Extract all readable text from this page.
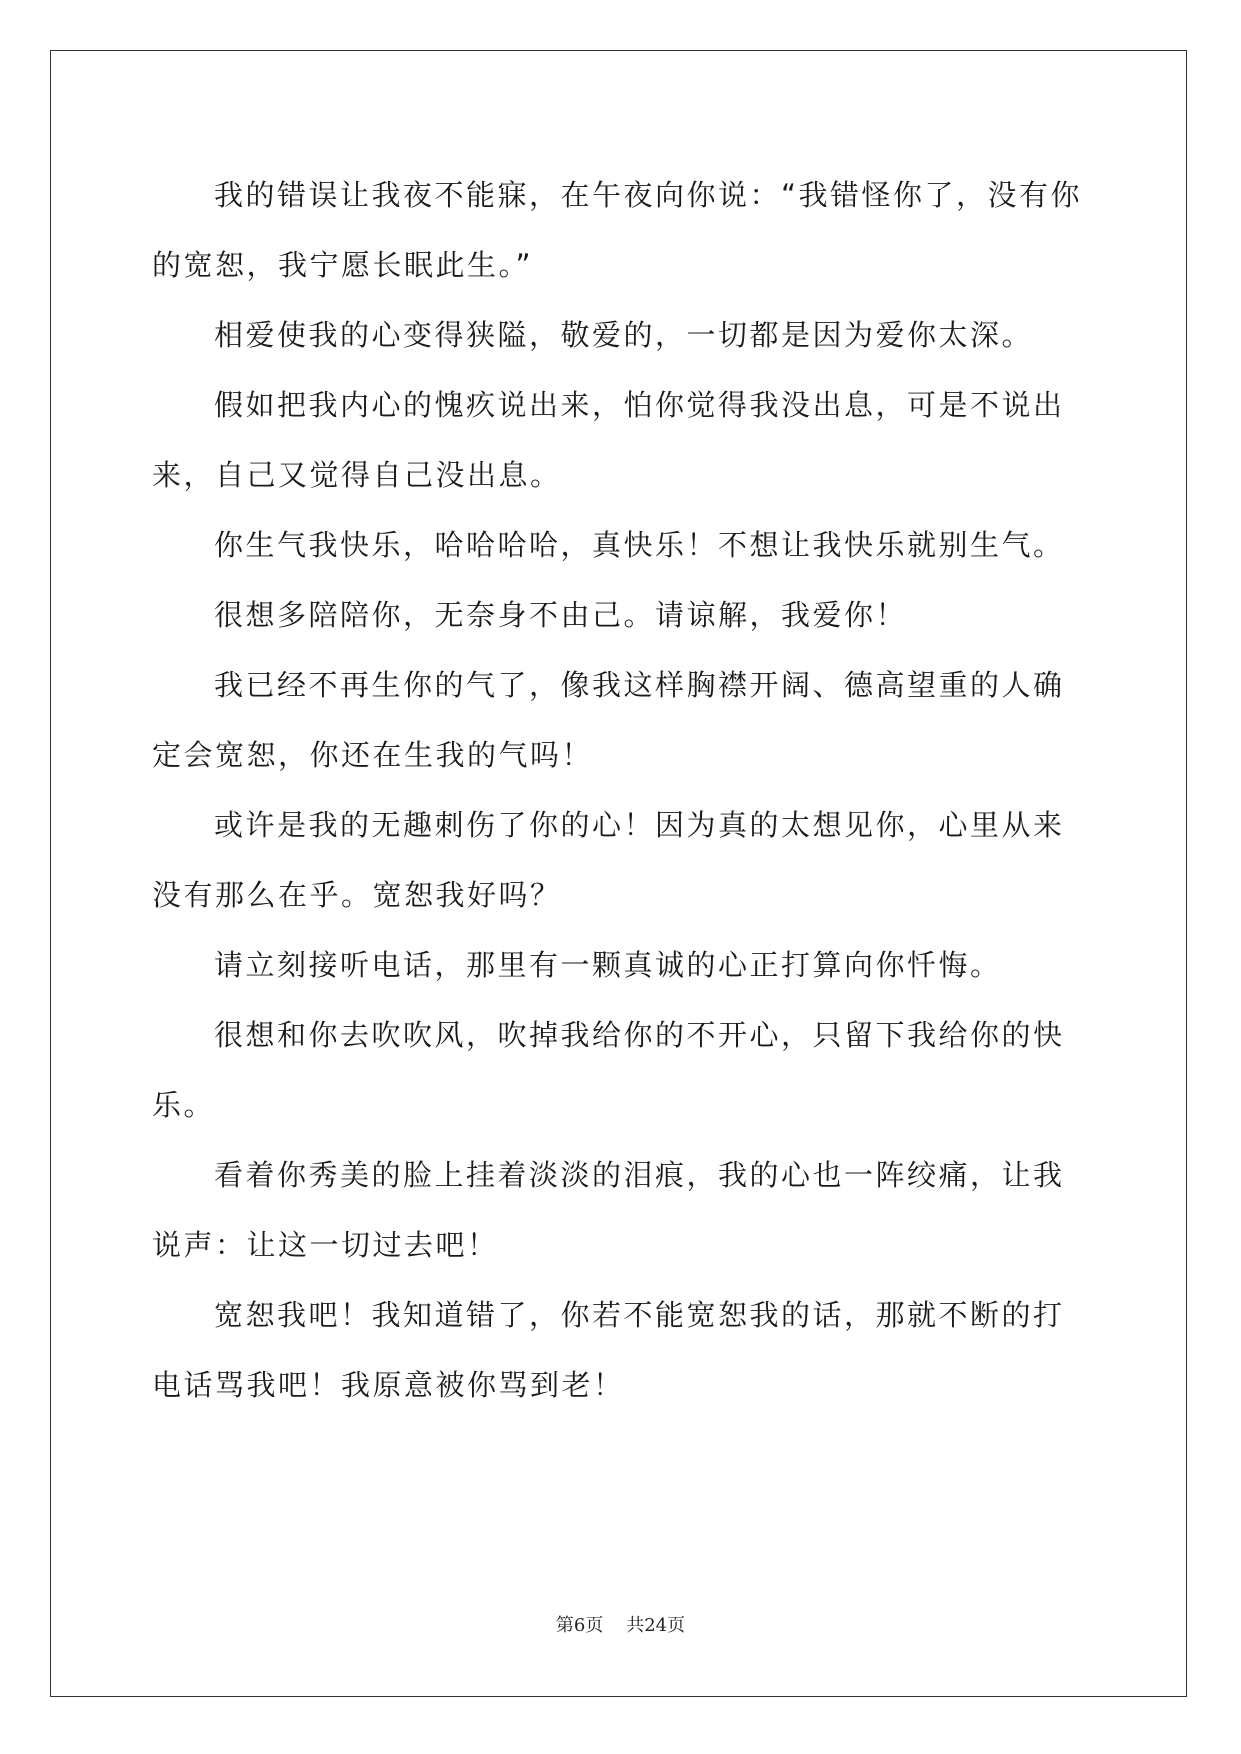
我的错误让我夜不能寐，在午夜向你说：“我错怪你了，没有你的宽恕，我宁愿长眠此生。”

相爱使我的心变得狭隘，敬爱的，一切都是因为爱你太深。

假如把我内心的愧疚说出来，怕你觉得我没出息，可是不说出来，自己又觉得自己没出息。

你生气我快乐，哈哈哈哈，真快乐！不想让我快乐就别生气。

很想多陪陪你，无奈身不由己。请谅解，我爱你！

我已经不再生你的气了，像我这样胸襟开阔、德高望重的人确定会宽恕，你还在生我的气吗！

或许是我的无趣刺伤了你的心！因为真的太想见你，心里从来没有那么在乎。宽恕我好吗？

请立刻接听电话，那里有一颗真诚的心正打算向你忏悔。

很想和你去吹吹风，吹掉我给你的不开心，只留下我给你的快乐。

看着你秀美的脸上挂着淡淡的泪痕，我的心也一阵绞痛，让我说声：让这一切过去吧！

宽恕我吧！我知道错了，你若不能宽恕我的话，那就不断的打电话骂我吧！我原意被你骂到老！

第6页 共24页
